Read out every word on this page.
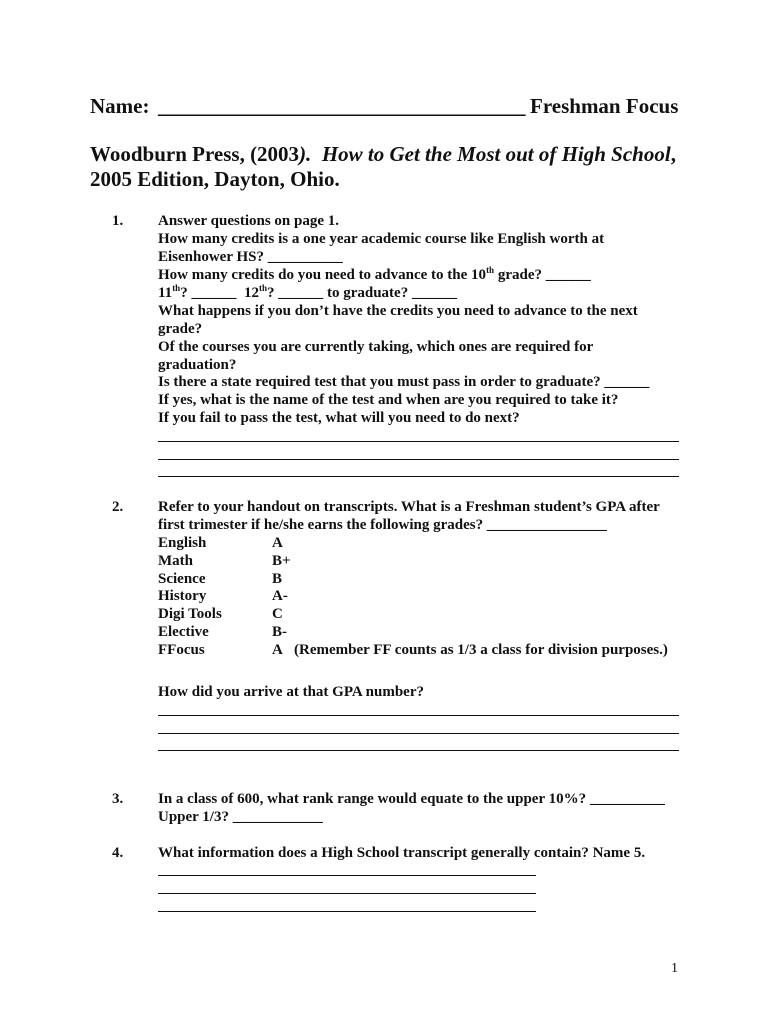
Name: ___________________________________ Freshman Focus
Woodburn Press, (2003). How to Get the Most out of High School,
2005 Edition, Dayton, Ohio.
1. Answer questions on page 1.
How many credits is a one year academic course like English worth at
Eisenhower HS? __________
How many credits do you need to advance to the 10th grade? ______
11th? ______  12th? ______ to graduate? ______
What happens if you don’t have the credits you need to advance to the next
grade?
Of the courses you are currently taking, which ones are required for
graduation?
Is there a state required test that you must pass in order to graduate? ______
If yes, what is the name of the test and when are you required to take it?
If you fail to pass the test, what will you need to do next?
2. Refer to your handout on transcripts. What is a Freshman student’s GPA after
first trimester if he/she earns the following grades? ________________
English	A
Math	B+
Science	B
History	A-
Digi Tools	C
Elective	B-
FFocus	A (Remember FF counts as 1/3 a class for division purposes.)
How did you arrive at that GPA number?
3. In a class of 600, what rank range would equate to the upper 10%? __________
Upper 1/3? ____________
4. What information does a High School transcript generally contain? Name 5.
1
